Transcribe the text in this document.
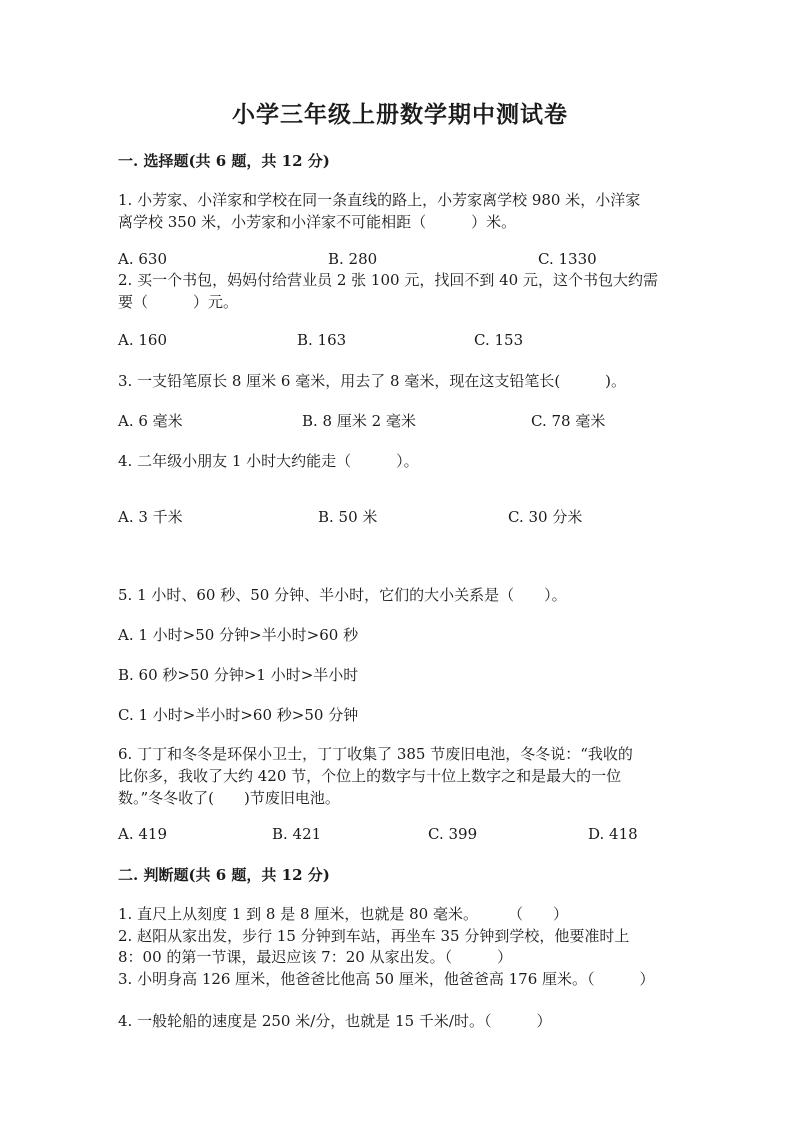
小学三年级上册数学期中测试卷
一. 选择题(共 6 题，共 12 分)
1. 小芳家、小洋家和学校在同一条直线的路上，小芳家离学校 980 米，小洋家
离学校 350 米，小芳家和小洋家不可能相距（　　　）米。
A. 630	B. 280	C. 1330
2. 买一个书包，妈妈付给营业员 2 张 100 元，找回不到 40 元，这个书包大约需
要（　　　）元。
A. 160	B. 163	C. 153
3. 一支铅笔原长 8 厘米 6 毫米，用去了 8 毫米，现在这支铅笔长(　　　)。
A. 6 毫米	B. 8 厘米 2 毫米	C. 78 毫米
4. 二年级小朋友 1 小时大约能走（　　　）。
A. 3 千米	B. 50 米	C. 30 分米
5. 1 小时、60 秒、50 分钟、半小时，它们的大小关系是（　　）。
A. 1 小时>50 分钟>半小时>60 秒
B. 60 秒>50 分钟>1 小时>半小时
C. 1 小时>半小时>60 秒>50 分钟
6. 丁丁和冬冬是环保小卫士，丁丁收集了 385 节废旧电池，冬冬说：“我收的
比你多，我收了大约 420 节，个位上的数字与十位上数字之和是最大的一位
数。”冬冬收了(　　)节废旧电池。
A. 419	B. 421	C. 399	D. 418
二. 判断题(共 6 题，共 12 分)
1. 直尺上从刻度 1 到 8 是 8 厘米，也就是 80 毫米。　　　（　　）
2. 赵阳从家出发，步行 15 分钟到车站，再坐车 35 分钟到学校，他要准时上
8：00 的第一节课，最迟应该 7：20 从家出发。（　　　）
3. 小明身高 126 厘米，他爸爸比他高 50 厘米，他爸爸高 176 厘米。（　　　）
4. 一般轮船的速度是 250 米/分，也就是 15 千米/时。（　　　）
